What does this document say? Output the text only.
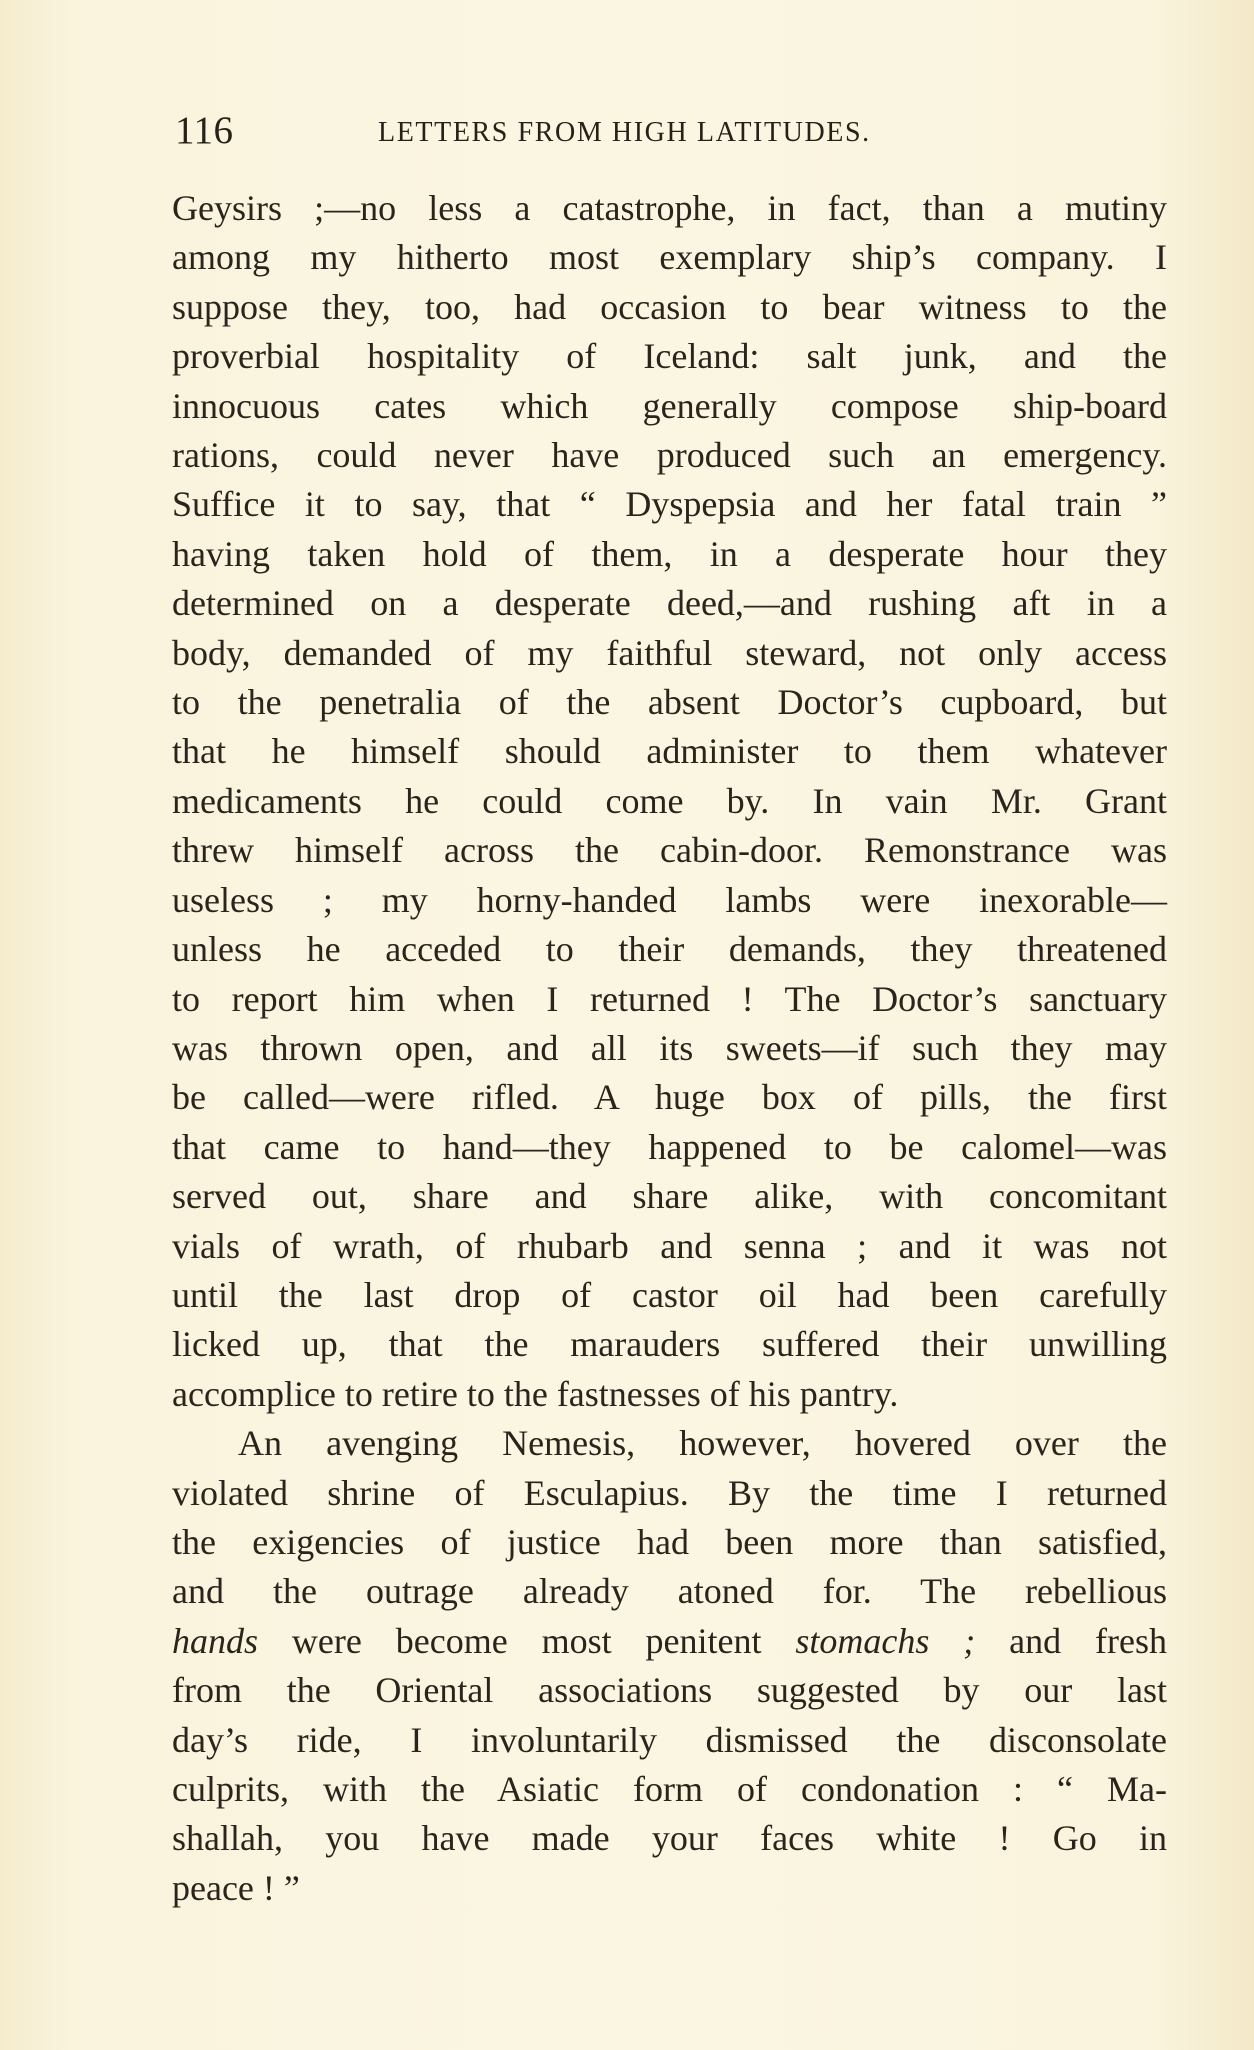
116	LETTERS FROM HIGH LATITUDES.
Geysirs ;—no less a catastrophe, in fact, than a mutiny
among my hitherto most exemplary ship’s company. I
suppose they, too, had occasion to bear witness to the
proverbial hospitality of Iceland: salt junk, and the
innocuous cates which generally compose ship-board
rations, could never have produced such an emergency.
Suffice it to say, that “ Dyspepsia and her fatal train ”
having taken hold of them, in a desperate hour they
determined on a desperate deed,—and rushing aft in a
body, demanded of my faithful steward, not only access
to the penetralia of the absent Doctor’s cupboard, but
that he himself should administer to them whatever
medicaments he could come by. In vain Mr. Grant
threw himself across the cabin-door. Remonstrance was
useless ; my horny-handed lambs were inexorable—
unless he acceded to their demands, they threatened
to report him when I returned ! The Doctor’s sanctuary
was thrown open, and all its sweets—if such they may
be called—were rifled. A huge box of pills, the first
that came to hand—they happened to be calomel—was
served out, share and share alike, with concomitant
vials of wrath, of rhubarb and senna ; and it was not
until the last drop of castor oil had been carefully
licked up, that the marauders suffered their unwilling
accomplice to retire to the fastnesses of his pantry.
An avenging Nemesis, however, hovered over the
violated shrine of Esculapius. By the time I returned
the exigencies of justice had been more than satisfied,
and the outrage already atoned for. The rebellious
hands were become most penitent stomachs ; and fresh
from the Oriental associations suggested by our last
day’s ride, I involuntarily dismissed the disconsolate
culprits, with the Asiatic form of condonation : “ Ma-
shallah, you have made your faces white ! Go in
peace ! ”
